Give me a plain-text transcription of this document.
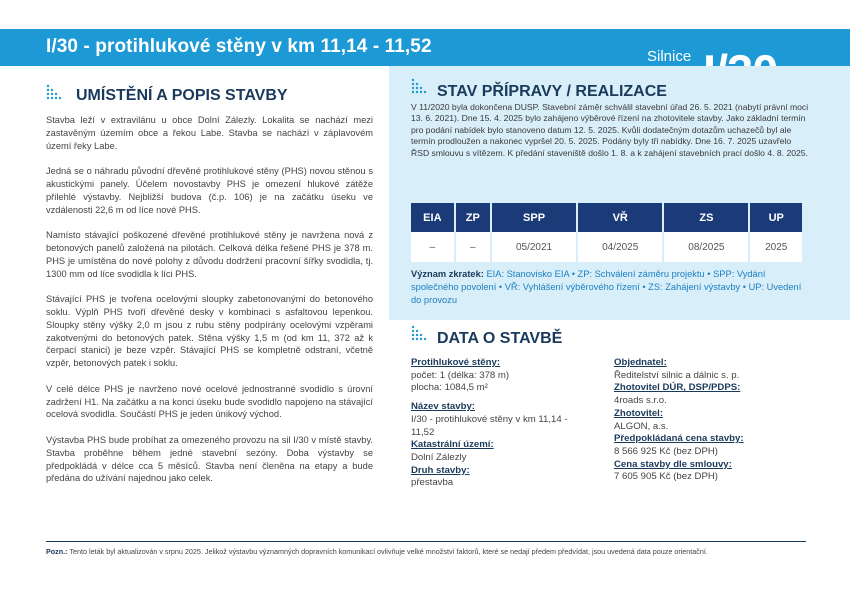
I/30 - protihlukové stěny v km 11,14 - 11,52	Silnice
UMÍSTĚNÍ A POPIS STAVBY

Stavba leží v extravilánu u obce Dolní Zálezly. Lokalita se nachází mezi zastavěným územím obce a řekou Labe. Stavba se nachází v záplavovém území řeky Labe.

Jedná se o náhradu původní dřevěné protihlukové stěny (PHS) novou stěnou s akustickými panely. Účelem novostavby PHS je omezení hlukové zátěže přilehlé výstavby. Nejbližší budova (č.p. 106) je na začátku úseku ve vzdálenosti 22,6 m od líce nové PHS.

Namísto stávající poškozené dřevěné protihlukové stěny je navržena nová z betonových panelů založená na pilotách. Celková délka řešené PHS je 378 m. PHS je umístěna do nové polohy z důvodu dodržení pracovní šířky svodidla, tj. 1300 mm od líce svodidla k líci PHS.

Stávající PHS je tvořena ocelovými sloupky zabetonovanými do betonového soklu. Výplň PHS tvoří dřevěné desky v kombinaci s asfaltovou lepenkou. Sloupky stěny výšky 2,0 m jsou z rubu stěny podpírány ocelovými vzpěrami zakotvenými do betonových patek. Stěna výšky 1,5 m (od km 11, 372 až k čerpací stanici) je beze vzpěr. Stávající PHS se kompletně odstraní, včetně vzpěr, betonových patek i soklu.

V celé délce PHS je navrženo nové ocelové jednostranné svodidlo s úrovní zadržení H1. Na začátku a na konci úseku bude svodidlo napojeno na stávající ocelová svodidla. Součástí PHS je jeden únikový východ.

Výstavba PHS bude probíhat za omezeného provozu na sil I/30 v místě stavby. Stavba proběhne během jedné stavební sezóny. Doba výstavby se předpokládá v délce cca 5 měsíců. Stavba není členěna na etapy a bude předána do užívání najednou jako celek.

STAV PŘÍPRAVY / REALIZACE
V 11/2020 byla dokončena DUSP. Stavební záměr schválil stavební úřad 26. 5. 2021 (nabytí právní moci 13. 6. 2021). Dne 15. 4. 2025 bylo zahájeno výběrové řízení na zhotovitele stavby. Jako základní termín pro podání nabídek bylo stanoveno datum 12. 5. 2025. Kvůli dodatečným dotazům uchazečů byl ale termín prodloužen a nakonec vypršel 20. 5. 2025. Podány byly tři nabídky. Dne 16. 7. 2025 uzavřelo ŘSD smlouvu s vítězem. K předání staveniště došlo 1. 8. a k zahájení stavebních prací došlo 4. 8. 2025.
EIA	ZP	SPP	VŘ	ZS	UP
–	–	05/2021	04/2025	08/2025	2025
Význam zkratek: EIA: Stanovisko EIA • ZP: Schválení záměru projektu • SPP: Vydání společného povolení • VŘ: Vyhlášení výběrového řízení • ZS: Zahájení výstavby • UP: Uvedení do provozu
DATA O STAVBĚ
Protihlukové stěny:
počet: 1 (délka: 378 m)
plocha: 1084,5 m²
Název stavby:
I/30 - protihlukové stěny v km 11,14 - 11,52
Katastrální území:
Dolní Zálezly
Druh stavby:
přestavba
Objednatel:
Ředitelství silnic a dálnic s. p.
Zhotovitel DÚR, DSP/PDPS:
4roads s.r.o.
Zhotovitel:
ALGON, a.s.
Předpokládaná cena stavby:
8 566 925 Kč (bez DPH)
Cena stavby dle smlouvy:
7 605 905 Kč (bez DPH)
Pozn.: Tento leták byl aktualizován v srpnu 2025. Jelikož výstavbu významných dopravních komunikací ovlivňuje velké množství faktorů, které se nedají předem předvídat, jsou uvedená data pouze orientační.
